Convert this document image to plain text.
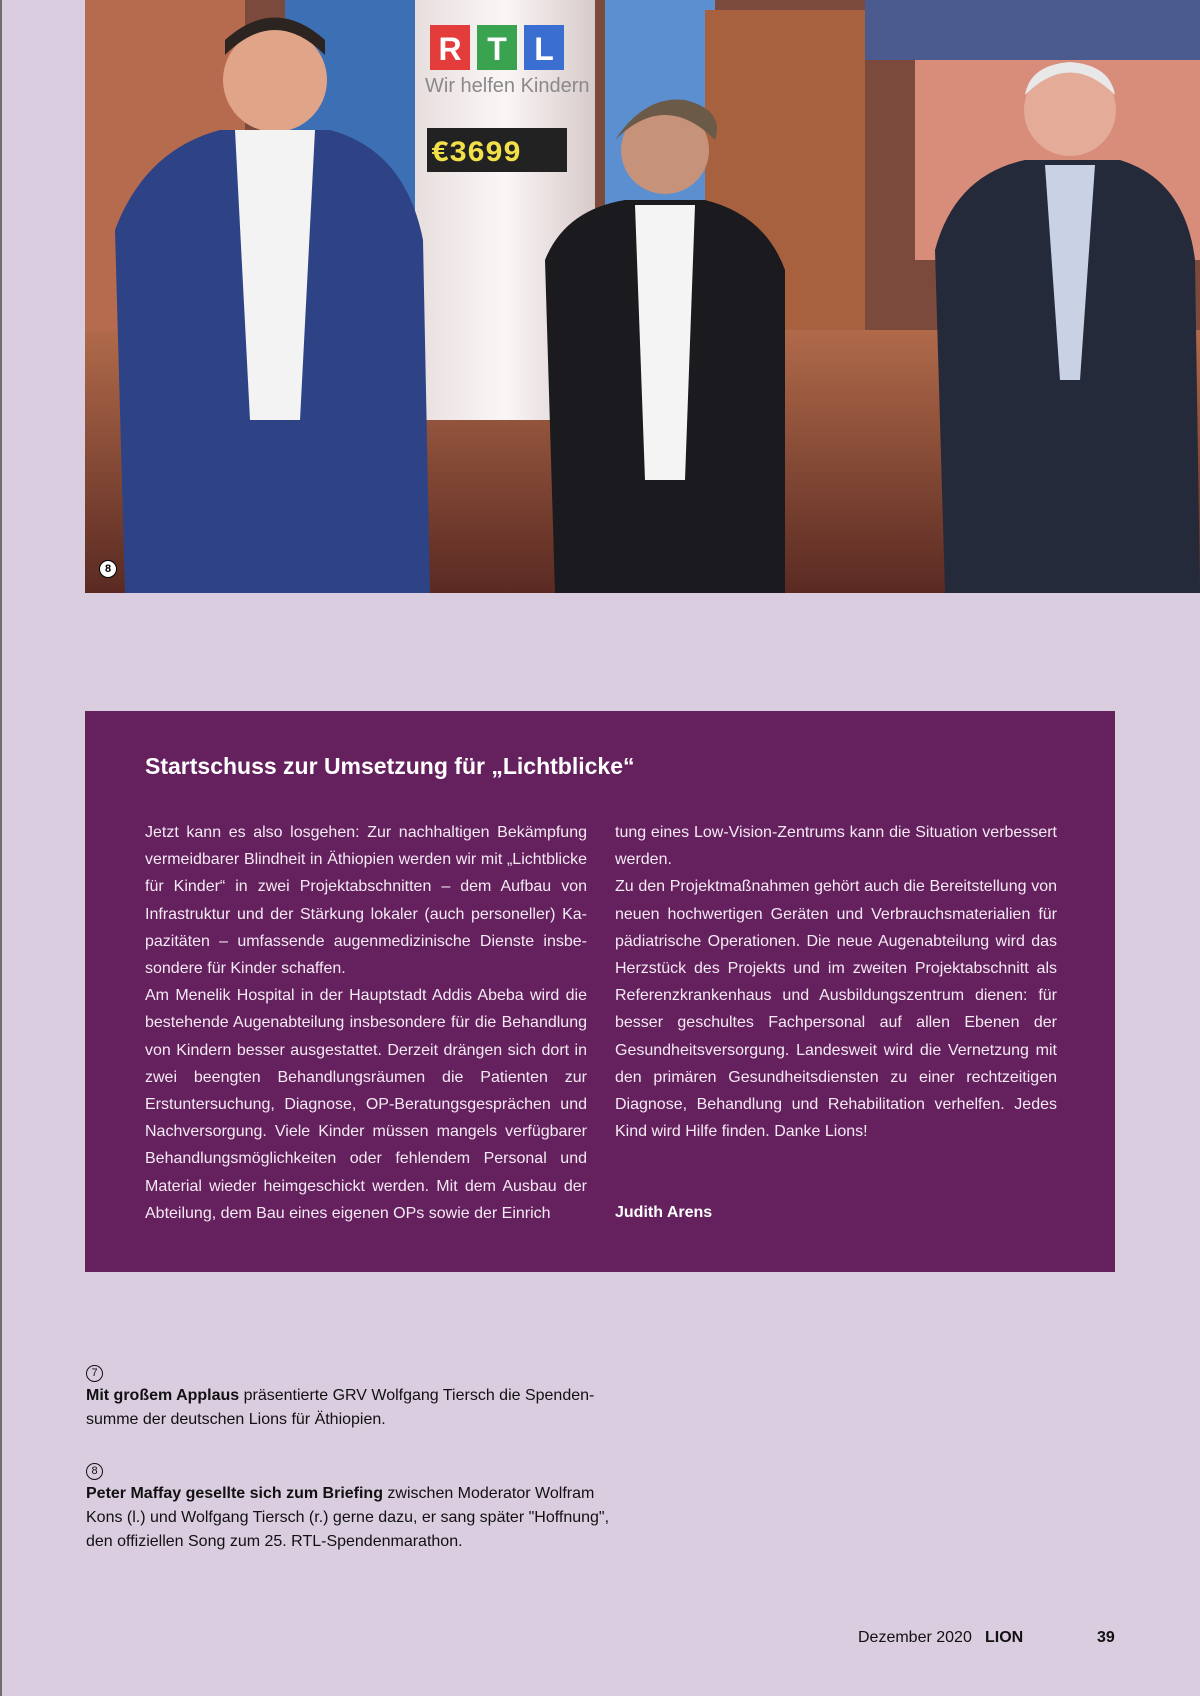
R T L
Wir helfen Kindern
€3699
8
Startschuss zur Umsetzung für „Lichtblicke“

Jetzt kann es also losgehen: Zur nachhaltigen Bekämpfung vermeidbarer Blindheit in Äthiopien werden wir mit „Lichtblicke für Kinder“ in zwei Projektabschnitten – dem Aufbau von Infrastruktur und der Stärkung lokaler (auch personeller) Kapazitäten – umfassende augenmedizinische Dienste insbesondere für Kinder schaffen.

Am Menelik Hospital in der Hauptstadt Addis Abeba wird die bestehende Augenabteilung insbesondere für die Behandlung von Kindern besser ausgestattet. Derzeit drängen sich dort in zwei beengten Behandlungsräumen die Patienten zur Erstuntersuchung, Diagnose, OP-Beratungsgesprächen und Nachversorgung. Viele Kinder müssen mangels verfügbarer Behandlungsmöglichkeiten oder fehlendem Personal und Material wieder heimgeschickt werden. Mit dem Ausbau der Abteilung, dem Bau eines eigenen OPs sowie der Einrich

tung eines Low-Vision-Zentrums kann die Situation verbessert werden.

Zu den Projektmaßnahmen gehört auch die Bereitstellung von neuen hochwertigen Geräten und Verbrauchsmaterialien für pädiatrische Operationen. Die neue Augenabteilung wird das Herzstück des Projekts und im zweiten Projektabschnitt als Referenzkrankenhaus und Ausbildungszentrum dienen: für besser geschultes Fachpersonal auf allen Ebenen der Gesundheitsversorgung. Landesweit wird die Vernetzung mit den primären Gesundheitsdiensten zu einer rechtzeitigen Diagnose, Behandlung und Rehabilitation verhelfen. Jedes Kind wird Hilfe finden. Danke Lions!

Judith Arens

7
Mit großem Applaus präsentierte GRV Wolfgang Tiersch die Spendensumme der deutschen Lions für Äthiopien.
8
Peter Maffay gesellte sich zum Briefing zwischen Moderator Wolfram Kons (l.) und Wolfgang Tiersch (r.) gerne dazu, er sang später "Hoffnung", den offiziellen Song zum 25. RTL-Spendenmarathon.
Dezember 2020 LION	39
